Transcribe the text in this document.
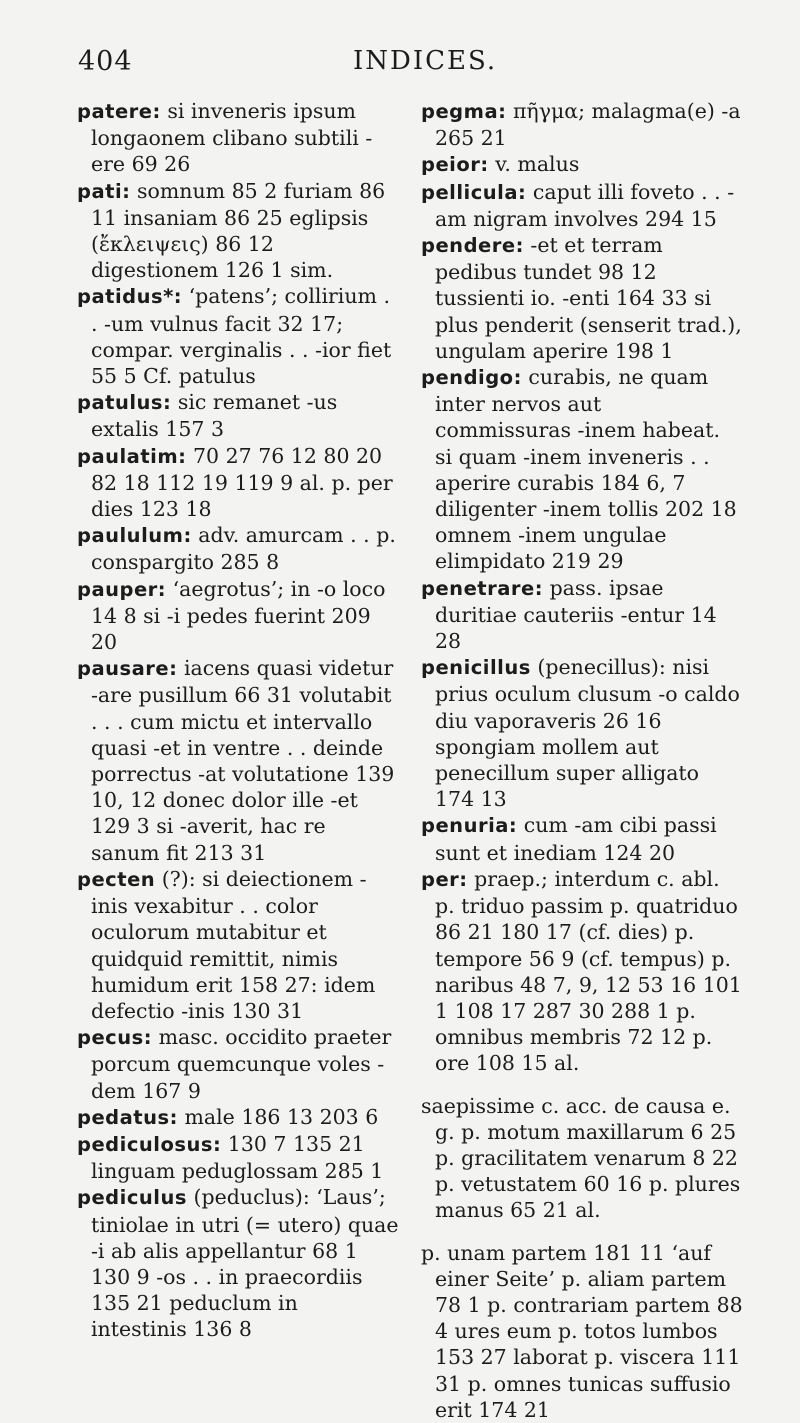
404	INDICES.

patere: si inveneris ipsum longaonem clibano subtili -ere 69 26

pati: somnum 85 2 furiam 86 11 insaniam 86 25 eglipsis (ἔκλειψεις) 86 12 digestionem 126 1 sim.

patidus*: ‘patens’; collirium . . -um vulnus facit 32 17; compar. verginalis . . -ior fiet 55 5 Cf. patulus

patulus: sic remanet -us extalis 157 3

paulatim: 70 27 76 12 80 20 82 18 112 19 119 9 al. p. per dies 123 18

paululum: adv. amurcam . . p. conspargito 285 8

pauper: ‘aegrotus’; in -o loco 14 8 si -i pedes fuerint 209 20

pausare: iacens quasi videtur -are pusillum 66 31 volutabit . . . cum mictu et intervallo quasi -et in ventre . . deinde porrectus -at volutatione 139 10, 12 donec dolor ille -et 129 3 si -averit, hac re sanum fit 213 31

pecten (?): si deiectionem -inis vexabitur . . color oculorum mutabitur et quidquid remittit, nimis humidum erit 158 27: idem defectio -inis 130 31

pecus: masc. occidito praeter porcum quemcunque voles -dem 167 9

pedatus: male 186 13 203 6

pediculosus: 130 7 135 21 linguam peduglossam 285 1

pediculus (peduclus): ‘Laus’; tiniolae in utri (= utero) quae -i ab alis appellantur 68 1 130 9 -os . . in praecordiis 135 21 peduclum in intestinis 136 8

pegma: πῆγμα; malagma(e) -a 265 21

peior: v. malus

pellicula: caput illi foveto . . -am nigram involves 294 15

pendere: -et et terram pedibus tundet 98 12 tussienti io. -enti 164 33 si plus penderit (senserit trad.), ungulam aperire 198 1

pendigo: curabis, ne quam inter nervos aut commissuras -inem habeat. si quam -inem inveneris . . aperire curabis 184 6, 7 diligenter -inem tollis 202 18 omnem -inem ungulae elimpidato 219 29

penetrare: pass. ipsae duritiae cauteriis -entur 14 28

penicillus (penecillus): nisi prius oculum clusum -o caldo diu vaporaveris 26 16 spongiam mollem aut penecillum super alligato 174 13

penuria: cum -am cibi passi sunt et inediam 124 20

per: praep.; interdum c. abl. p. triduo passim p. quatriduo 86 21 180 17 (cf. dies) p. tempore 56 9 (cf. tempus) p. naribus 48 7, 9, 12 53 16 101 1 108 17 287 30 288 1 p. omnibus membris 72 12 p. ore 108 15 al.

saepissime c. acc. de causa e. g. p. motum maxillarum 6 25 p. gracilitatem venarum 8 22 p. vetustatem 60 16 p. plures manus 65 21 al.

p. unam partem 181 11 ‘auf einer Seite’ p. aliam partem 78 1 p. contrariam partem 88 4 ures eum p. totos lumbos 153 27 laborat p. viscera 111 31 p. omnes tunicas suffusio erit 174 21
